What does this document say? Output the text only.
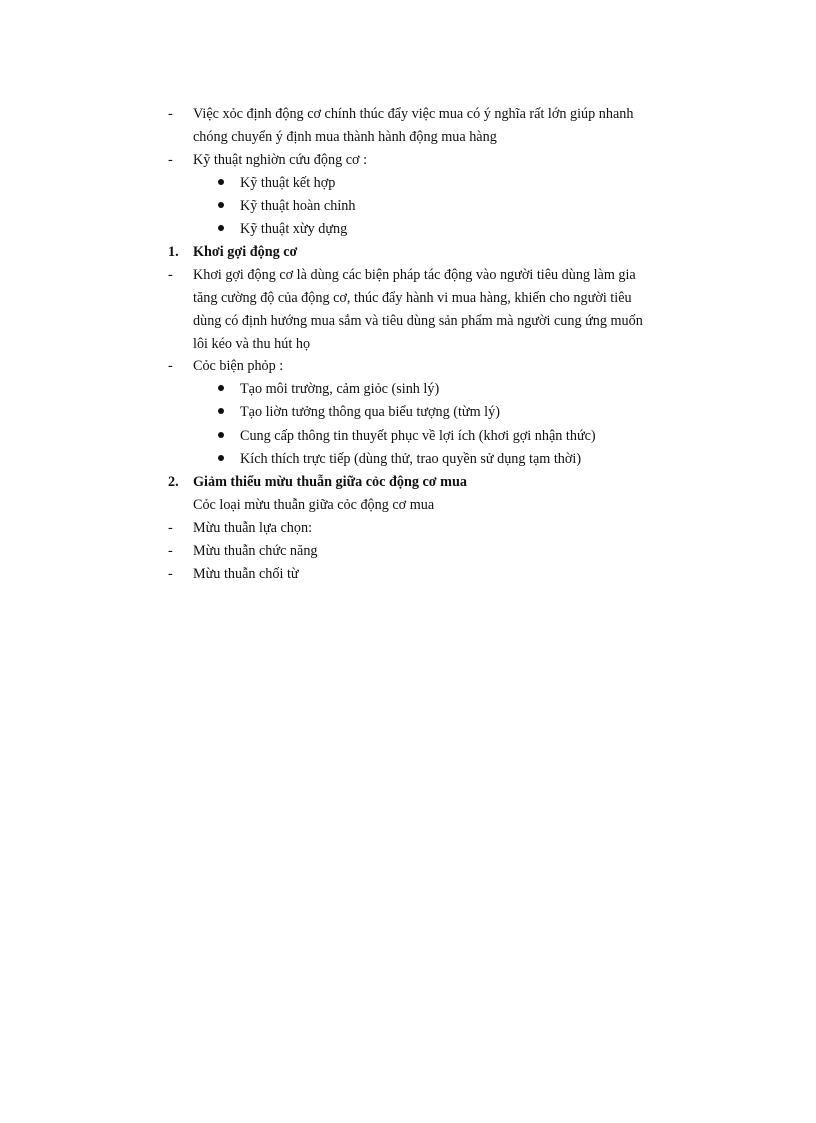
- Việc xỏc định động cơ chính thúc đẩy việc mua có ý nghĩa rất lớn giúp nhanh
chóng chuyển ý định mua thành hành động mua hàng
- Kỹ thuật nghiờn cứu động cơ :
Kỹ thuật kết hợp
Kỹ thuật hoàn chỉnh
Kỹ thuật xừy dựng
1. Khơi gợi động cơ
- Khơi gợi động cơ là dùng các biện pháp tác động vào người tiêu dùng làm gia
tăng cường độ của động cơ, thúc đẩy hành vi mua hàng, khiến cho người tiêu
dùng có định hướng mua sắm và tiêu dùng sản phẩm mà người cung ứng muốn
lôi kéo và thu hút họ
- Cỏc biện phỏp :
Tạo môi trường, cảm giỏc (sinh lý)
Tạo liờn tưởng thông qua biểu tượng (từm lý)
Cung cấp thông tin thuyết phục về lợi ích (khơi gợi nhận thức)
Kích thích trực tiếp (dùng thử, trao quyền sử dụng tạm thời)
2. Giảm thiểu mừu thuẫn giữa cỏc động cơ mua
Cỏc loại mừu thuẫn giữa cỏc động cơ mua
- Mừu thuẫn lựa chọn:
- Mừu thuẫn chức năng
- Mừu thuẫn chối từ
